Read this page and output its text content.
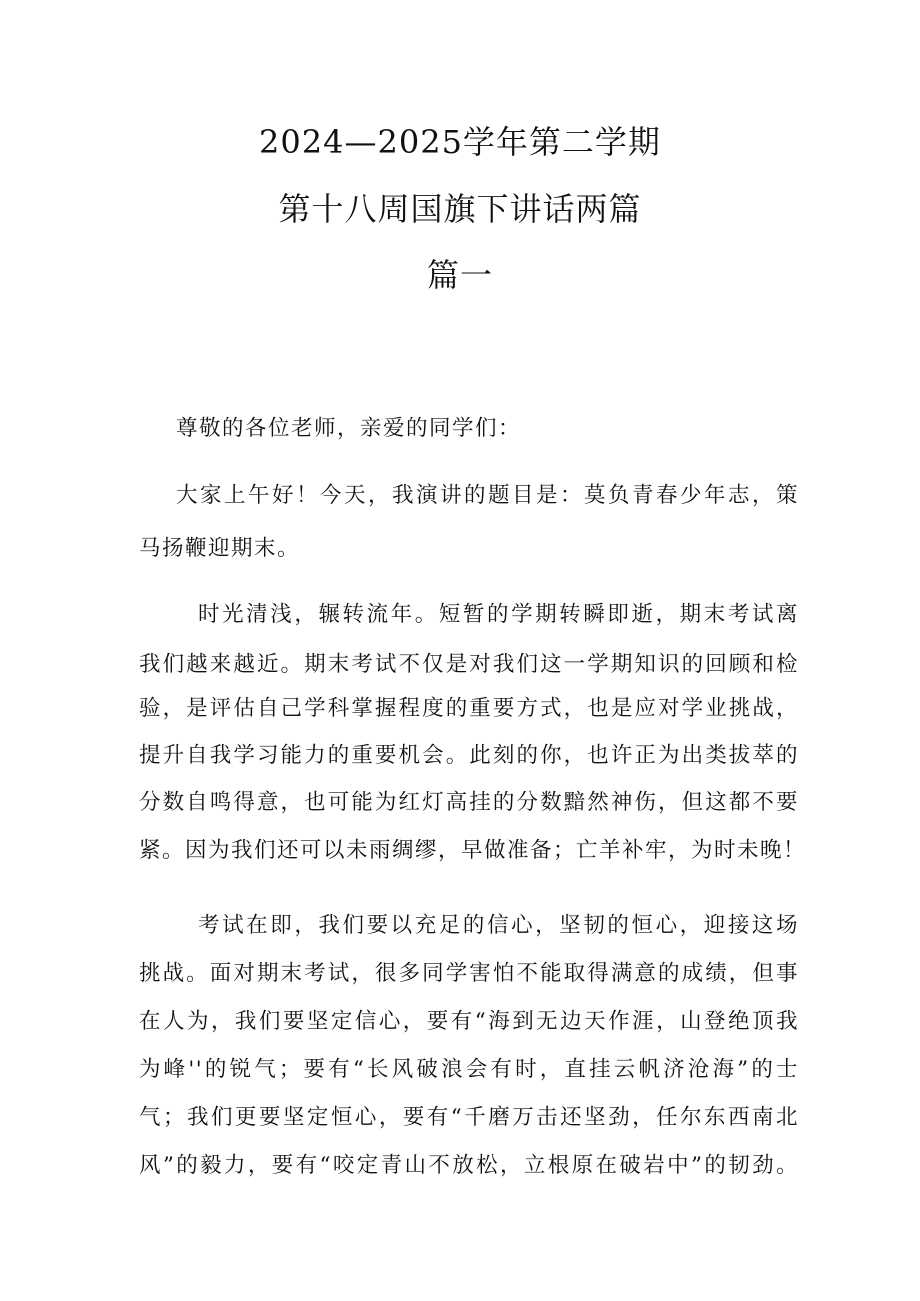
2024—2025学年第二学期
第十八周国旗下讲话两篇
篇一
尊敬的各位老师，亲爱的同学们：
大家上午好！今天，我演讲的题目是：莫负青春少年志，策
马扬鞭迎期末。
时光清浅，辗转流年。短暂的学期转瞬即逝，期末考试离
我们越来越近。期末考试不仅是对我们这一学期知识的回顾和检
验，是评估自己学科掌握程度的重要方式，也是应对学业挑战，
提升自我学习能力的重要机会。此刻的你，也许正为出类拔萃的
分数自鸣得意，也可能为红灯高挂的分数黯然神伤，但这都不要
紧。因为我们还可以未雨绸缪，早做准备；亡羊补牢，为时未晚！
考试在即，我们要以充足的信心，坚韧的恒心，迎接这场
挑战。面对期末考试，很多同学害怕不能取得满意的成绩，但事
在人为，我们要坚定信心，要有“海到无边天作涯，山登绝顶我
为峰''的锐气；要有“长风破浪会有时，直挂云帆济沧海”的士
气；我们更要坚定恒心，要有“千磨万击还坚劲，任尔东西南北
风”的毅力，要有“咬定青山不放松，立根原在破岩中”的韧劲。
